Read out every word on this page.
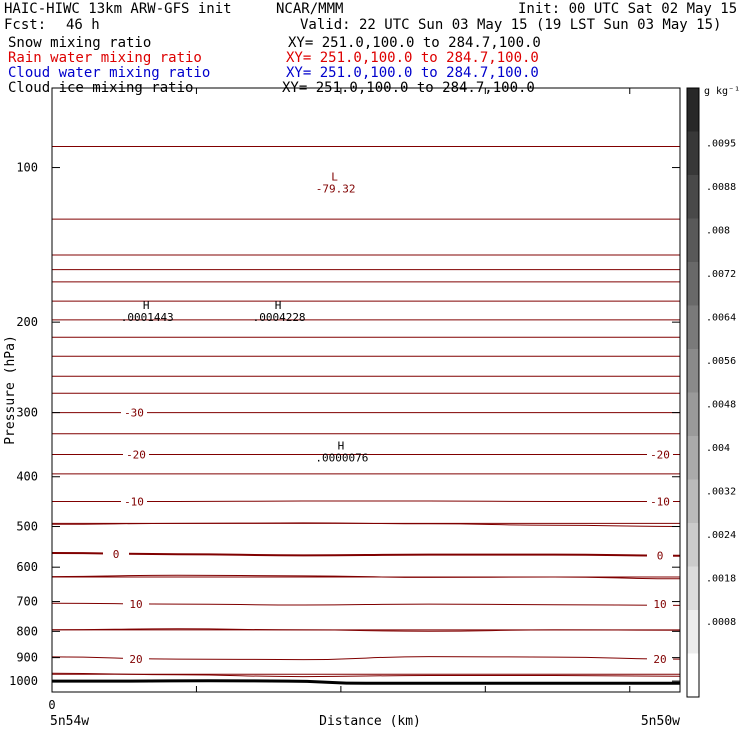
HAIC-HIWC 13km ARW-GFS init	NCAR/MMM	Init: 00 UTC Sat 02 May 15
Fcst: 46 h	Valid: 22 UTC Sun 03 May 15 (19 LST Sun 03 May 15)
Snow mixing ratio	XY= 251.0,100.0 to 284.7,100.0
Rain water mixing ratio	XY= 251.0,100.0 to 284.7,100.0
Cloud water mixing ratio	XY= 251.0,100.0 to 284.7,100.0
Cloud ice mixing ratio	XY= 251.0,100.0 to 284.7,100.0
-30
-20
-10
0
10
20
-20
-10
0
10
20
L
-79.32
H
.0001443
H
.0004228
H
.0000076
100
200
300
400
500
600
700
800
900
1000
.0095
.0088
.008
.0072
.0064
.0056
.0048
.004
.0032
.0024
.0018
.0008
Pressure (hPa)
Distance (km)
5n54w	5n50w
0
g kg⁻¹
